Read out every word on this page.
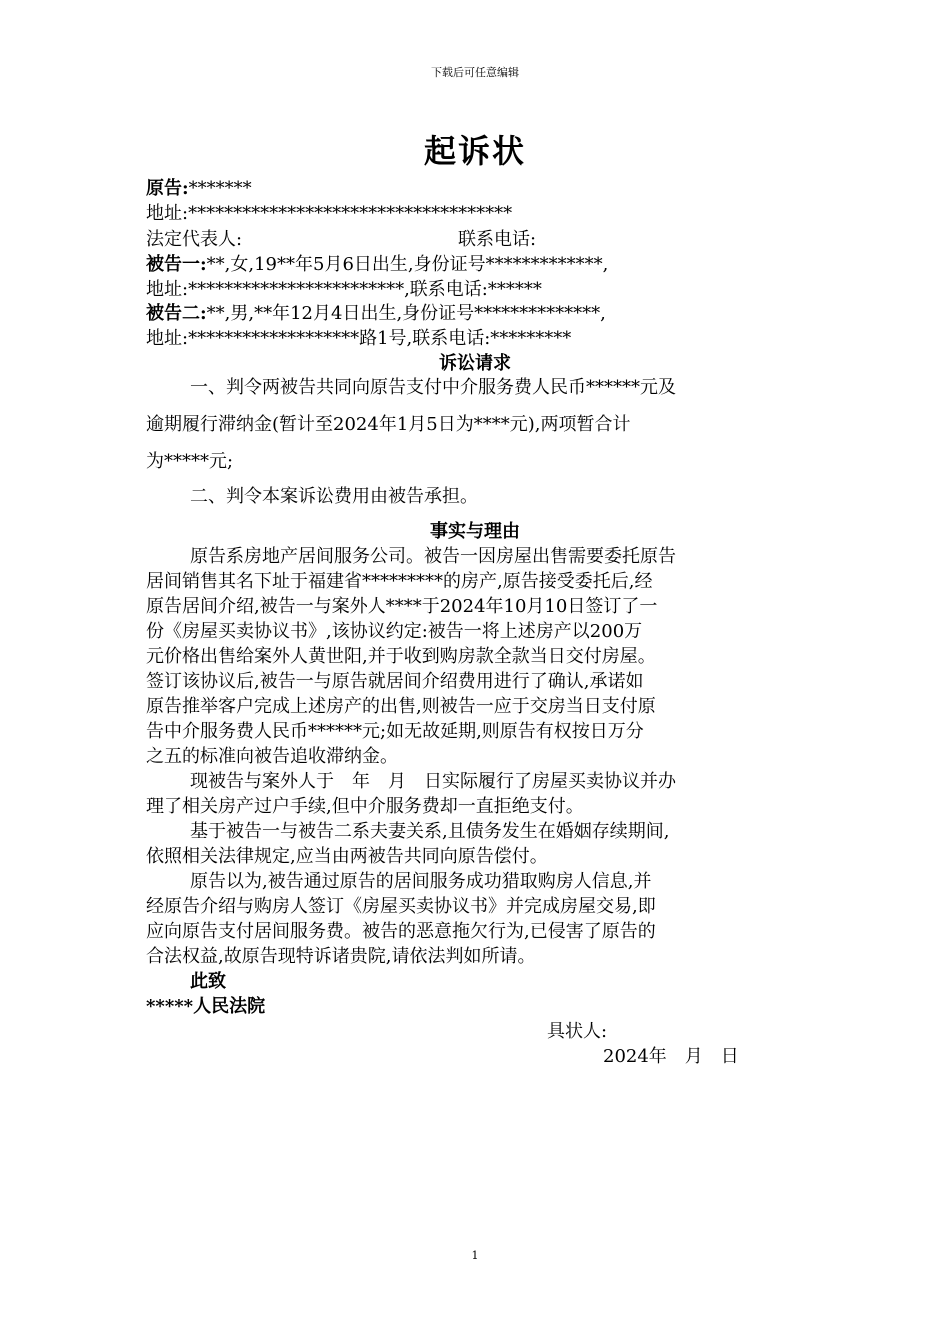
下载后可任意编辑
起诉状
原告:*******
地址:************************************
法定代表人:	联系电话:
被告一:**,女,19**年5月6日出生,身份证号*************,
地址:************************,联系电话:******
被告二:**,男,**年12月4日出生,身份证号**************,
地址:*******************路1号,联系电话:*********
诉讼请求
一、判令两被告共同向原告支付中介服务费人民币******元及
逾期履行滞纳金(暂计至2024年1月5日为****元),两项暂合计
为*****元;
二、判令本案诉讼费用由被告承担。
事实与理由
原告系房地产居间服务公司。被告一因房屋出售需要委托原告
居间销售其名下址于福建省*********的房产,原告接受委托后,经
原告居间介绍,被告一与案外人****于2024年10月10日签订了一
份《房屋买卖协议书》,该协议约定:被告一将上述房产以200万
元价格出售给案外人黄世阳,并于收到购房款全款当日交付房屋。
签订该协议后,被告一与原告就居间介绍费用进行了确认,承诺如
原告推举客户完成上述房产的出售,则被告一应于交房当日支付原
告中介服务费人民币******元;如无故延期,则原告有权按日万分
之五的标准向被告追收滞纳金。
现被告与案外人于　年　月　日实际履行了房屋买卖协议并办
理了相关房产过户手续,但中介服务费却一直拒绝支付。
基于被告一与被告二系夫妻关系,且债务发生在婚姻存续期间,
依照相关法律规定,应当由两被告共同向原告偿付。
原告以为,被告通过原告的居间服务成功猎取购房人信息,并
经原告介绍与购房人签订《房屋买卖协议书》并完成房屋交易,即
应向原告支付居间服务费。被告的恶意拖欠行为,已侵害了原告的
合法权益,故原告现特诉诸贵院,请依法判如所请。
此致
*****人民法院
具状人:
2024年　月　日
1
